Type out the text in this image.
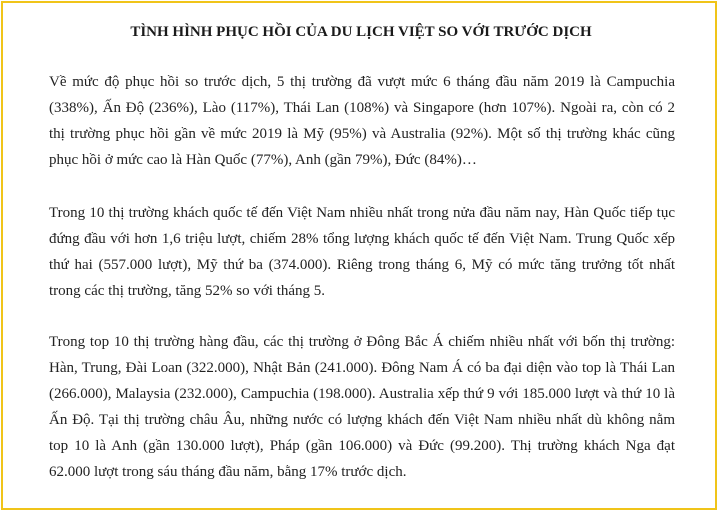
TÌNH HÌNH PHỤC HỒI CỦA DU LỊCH VIỆT SO VỚI TRƯỚC DỊCH

Về mức độ phục hồi so trước dịch, 5 thị trường đã vượt mức 6 tháng đầu năm 2019 là Campuchia (338%), Ấn Độ (236%), Lào (117%), Thái Lan (108%) và Singapore (hơn 107%). Ngoài ra, còn có 2 thị trường phục hồi gần về mức 2019 là Mỹ (95%) và Australia (92%). Một số thị trường khác cũng phục hồi ở mức cao là Hàn Quốc (77%), Anh (gần 79%), Đức (84%)…

Trong 10 thị trường khách quốc tế đến Việt Nam nhiều nhất trong nửa đầu năm nay, Hàn Quốc tiếp tục đứng đầu với hơn 1,6 triệu lượt, chiếm 28% tổng lượng khách quốc tế đến Việt Nam. Trung Quốc xếp thứ hai (557.000 lượt), Mỹ thứ ba (374.000). Riêng trong tháng 6, Mỹ có mức tăng trưởng tốt nhất trong các thị trường, tăng 52% so với tháng 5.

Trong top 10 thị trường hàng đầu, các thị trường ở Đông Bắc Á chiếm nhiều nhất với bốn thị trường: Hàn, Trung, Đài Loan (322.000), Nhật Bản (241.000). Đông Nam Á có ba đại diện vào top là Thái Lan (266.000), Malaysia (232.000), Campuchia (198.000). Australia xếp thứ 9 với 185.000 lượt và thứ 10 là Ấn Độ. Tại thị trường châu Âu, những nước có lượng khách đến Việt Nam nhiều nhất dù không nằm top 10 là Anh (gần 130.000 lượt), Pháp (gần 106.000) và Đức (99.200). Thị trường khách Nga đạt 62.000 lượt trong sáu tháng đầu năm, bằng 17% trước dịch.
